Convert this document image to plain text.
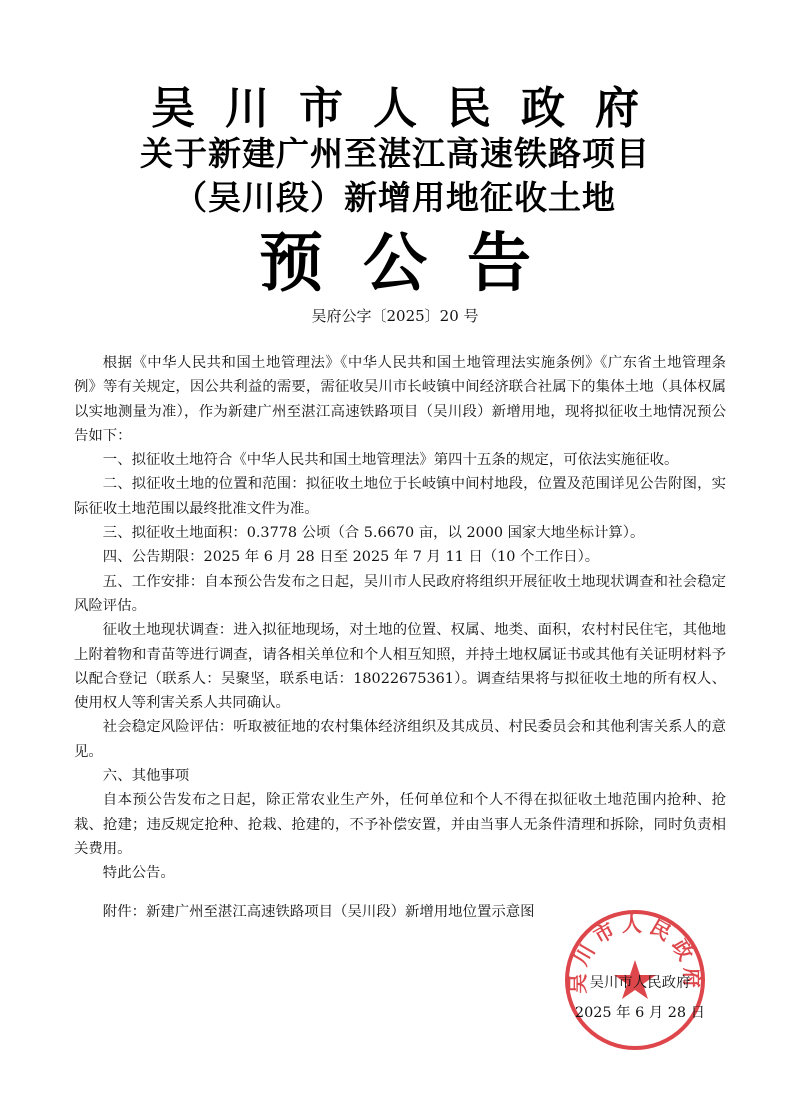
吴川市人民政府
关于新建广州至湛江高速铁路项目
（吴川段）新增用地征收土地
预公告
吴府公字〔2025〕20 号

根据《中华人民共和国土地管理法》《中华人民共和国土地管理法实施条例》《广东省土地管理条例》等有关规定，因公共利益的需要，需征收吴川市长岐镇中间经济联合社属下的集体土地（具体权属以实地测量为准），作为新建广州至湛江高速铁路项目（吴川段）新增用地，现将拟征收土地情况预公告如下：

一、拟征收土地符合《中华人民共和国土地管理法》第四十五条的规定，可依法实施征收。

二、拟征收土地的位置和范围：拟征收土地位于长岐镇中间村地段，位置及范围详见公告附图，实际征收土地范围以最终批准文件为准。

三、拟征收土地面积：0.3778 公顷（合 5.6670 亩，以 2000 国家大地坐标计算）。

四、公告期限：2025 年 6 月 28 日至 2025 年 7 月 11 日（10 个工作日）。

五、工作安排：自本预公告发布之日起，吴川市人民政府将组织开展征收土地现状调查和社会稳定风险评估。

征收土地现状调查：进入拟征地现场，对土地的位置、权属、地类、面积，农村村民住宅，其他地上附着物和青苗等进行调查，请各相关单位和个人相互知照，并持土地权属证书或其他有关证明材料予以配合登记（联系人：吴聚坚，联系电话：18022675361）。调查结果将与拟征收土地的所有权人、使用权人等利害关系人共同确认。

社会稳定风险评估：听取被征地的农村集体经济组织及其成员、村民委员会和其他利害关系人的意见。

六、其他事项

自本预公告发布之日起，除正常农业生产外，任何单位和个人不得在拟征收土地范围内抢种、抢栽、抢建；违反规定抢种、抢栽、抢建的，不予补偿安置，并由当事人无条件清理和拆除，同时负责相关费用。

特此公告。

附件：新建广州至湛江高速铁路项目（吴川段）新增用地位置示意图

吴川市人民政府
吴川市人民政府
2025 年 6 月 28 日
